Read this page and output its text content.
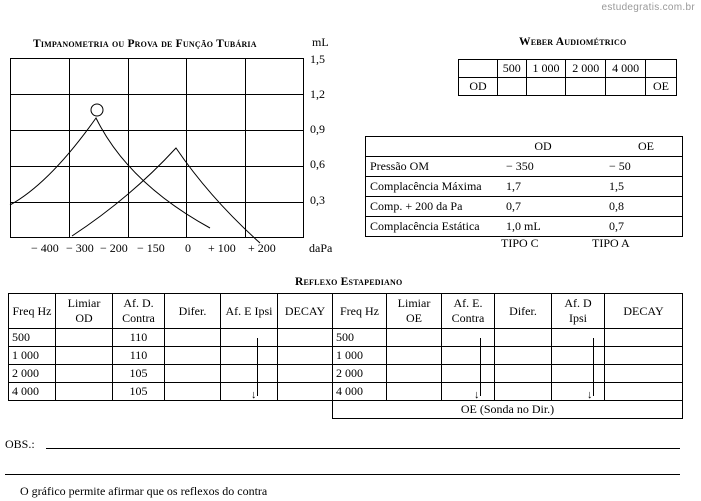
estudegratis.com.br
Timpanometria ou Prova de Função Tubária	mL
1,5
1,2
0,9
0,6
0,3
− 400 − 300 − 200 − 150 0 + 100 + 200	daPa
Weber Audiométrico
	500	1 000	2 000	4 000	
OD					OE
	OD	OE
Pressão OM	− 350	− 50
Complacência Máxima	1,7	1,5
Comp. + 200 da Pa	0,7	0,8
Complacência Estática	1,0 mL	0,7
TIPO C	TIPO A
Reflexo Estapediano
Freq Hz	Limiar OD	Af. D. Contra	Difer.	Af. E Ipsi	DECAY	Freq Hz	Limiar OE	Af. E. Contra	Difer.	Af. D Ipsi	DECAY
500		110				500					
1 000		110				1 000					
2 000		105				2 000					
4 000		105				4 000					
						OE (Sonda no Dir.)					
↓	↓	↓
OBS.:
O gráfico permite afirmar que os reflexos do contra
